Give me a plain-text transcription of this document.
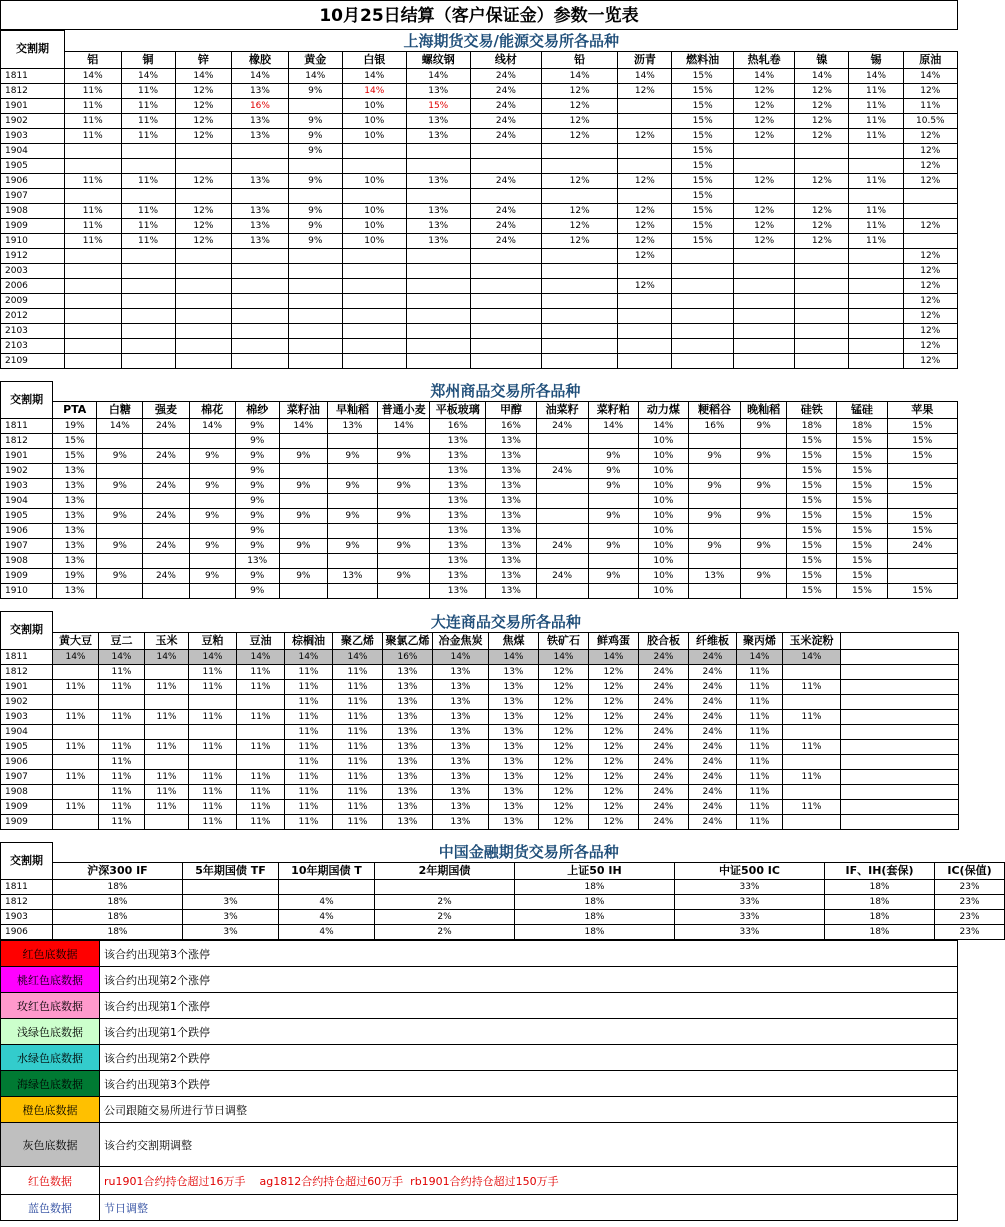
10月25日结算（客户保证金）参数一览表
交割期	上海期货交易/能源交易所各品种														
	铝	铜	锌	橡胶	黄金	白银	螺纹钢	线材	铅	沥青	燃料油	热轧卷	镍	锡	原油
1811	14%	14%	14%	14%	14%	14%	14%	24%	14%	14%	15%	14%	14%	14%	14%
1812	11%	11%	12%	13%	9%	14%	13%	24%	12%	12%	15%	12%	12%	11%	12%
1901	11%	11%	12%	16%		10%	15%	24%	12%		15%	12%	12%	11%	11%
1902	11%	11%	12%	13%	9%	10%	13%	24%	12%		15%	12%	12%	11%	10.5%
1903	11%	11%	12%	13%	9%	10%	13%	24%	12%	12%	15%	12%	12%	11%	12%
1904					9%						15%				12%
1905											15%				12%
1906	11%	11%	12%	13%	9%	10%	13%	24%	12%	12%	15%	12%	12%	11%	12%
1907											15%				
1908	11%	11%	12%	13%	9%	10%	13%	24%	12%	12%	15%	12%	12%	11%	
1909	11%	11%	12%	13%	9%	10%	13%	24%	12%	12%	15%	12%	12%	11%	12%
1910	11%	11%	12%	13%	9%	10%	13%	24%	12%	12%	15%	12%	12%	11%	
1912										12%					12%
2003															12%
2006										12%					12%
2009															12%
2012															12%
2103															12%
2103															12%
2109															12%
交割期	郑州商品交易所各品种																	
	PTA	白糖	强麦	棉花	棉纱	菜籽油	早籼稻	普通小麦	平板玻璃	甲醇	油菜籽	菜籽粕	动力煤	粳稻谷	晚籼稻	硅铁	锰硅	苹果
1811	19%	14%	24%	14%	9%	14%	13%	14%	16%	16%	24%	14%	14%	16%	9%	18%	18%	15%
1812	15%				9%				13%	13%			10%			15%	15%	15%
1901	15%	9%	24%	9%	9%	9%	9%	9%	13%	13%		9%	10%	9%	9%	15%	15%	15%
1902	13%				9%				13%	13%	24%	9%	10%			15%	15%	
1903	13%	9%	24%	9%	9%	9%	9%	9%	13%	13%		9%	10%	9%	9%	15%	15%	15%
1904	13%				9%				13%	13%			10%			15%	15%	
1905	13%	9%	24%	9%	9%	9%	9%	9%	13%	13%		9%	10%	9%	9%	15%	15%	15%
1906	13%				9%				13%	13%			10%			15%	15%	15%
1907	13%	9%	24%	9%	9%	9%	9%	9%	13%	13%	24%	9%	10%	9%	9%	15%	15%	24%
1908	13%				13%				13%	13%			10%			15%	15%	
1909	19%	9%	24%	9%	9%	9%	13%	9%	13%	13%	24%	9%	10%	13%	9%	15%	15%	
1910	13%				9%				13%	13%			10%			15%	15%	15%
交割期	大连商品交易所各品种																
	黄大豆	豆二	玉米	豆粕	豆油	棕榈油	聚乙烯	聚氯乙烯	冶金焦炭	焦煤	铁矿石	鲜鸡蛋	胶合板	纤维板	聚丙烯	玉米淀粉	
1811	14%	14%	14%	14%	14%	14%	14%	16%	14%	14%	14%	14%	24%	24%	14%	14%	
1812		11%		11%	11%	11%	11%	13%	13%	13%	12%	12%	24%	24%	11%		
1901	11%	11%	11%	11%	11%	11%	11%	13%	13%	13%	12%	12%	24%	24%	11%	11%	
1902						11%	11%	13%	13%	13%	12%	12%	24%	24%	11%		
1903	11%	11%	11%	11%	11%	11%	11%	13%	13%	13%	12%	12%	24%	24%	11%	11%	
1904						11%	11%	13%	13%	13%	12%	12%	24%	24%	11%		
1905	11%	11%	11%	11%	11%	11%	11%	13%	13%	13%	12%	12%	24%	24%	11%	11%	
1906		11%				11%	11%	13%	13%	13%	12%	12%	24%	24%	11%		
1907	11%	11%	11%	11%	11%	11%	11%	13%	13%	13%	12%	12%	24%	24%	11%	11%	
1908		11%	11%	11%	11%	11%	11%	13%	13%	13%	12%	12%	24%	24%	11%		
1909	11%	11%	11%	11%	11%	11%	11%	13%	13%	13%	12%	12%	24%	24%	11%	11%	
1909		11%		11%	11%	11%	11%	13%	13%	13%	12%	12%	24%	24%	11%		
交割期	中国金融期货交易所各品种							
	沪深300 IF	5年期国债 TF	10年期国债 T	2年期国债	上证50 IH	中证500 IC	IF、IH(套保)	IC(保值)
1811	18%				18%	33%	18%	23%
1812	18%	3%	4%	2%	18%	33%	18%	23%
1903	18%	3%	4%	2%	18%	33%	18%	23%
1906	18%	3%	4%	2%	18%	33%	18%	23%
红色底数据	该合约出现第3个涨停
桃红色底数据	该合约出现第2个涨停
玫红色底数据	该合约出现第1个涨停
浅绿色底数据	该合约出现第1个跌停
水绿色底数据	该合约出现第2个跌停
海绿色底数据	该合约出现第3个跌停
橙色底数据	公司跟随交易所进行节日调整
灰色底数据	该合约交割期调整
红色数据	ru1901合约持仓超过16万手    ag1812合约持仓超过60万手  rb1901合约持仓超过150万手
蓝色数据	节日调整
